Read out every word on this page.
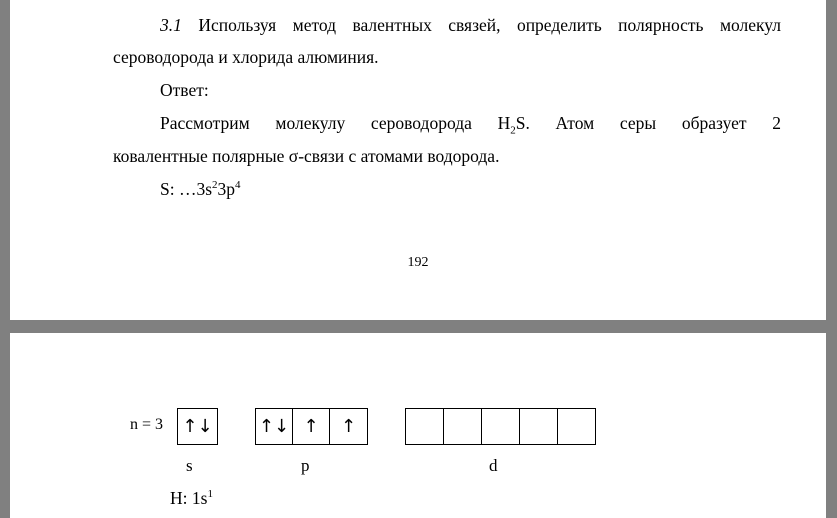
3.1 Используя метод валентных связей, определить полярность молекул
сероводорода и хлорида алюминия.
Ответ:
Рассмотрим молекулу сероводорода $H_2S$. Атом серы образует 2
ковалентные полярные σ-связи с атомами водорода.
S: $\dots 3s^23p^4$
192
n = 3	↑↓	↑↓ ↑	↑
s	p	d
H: $1s^1$
